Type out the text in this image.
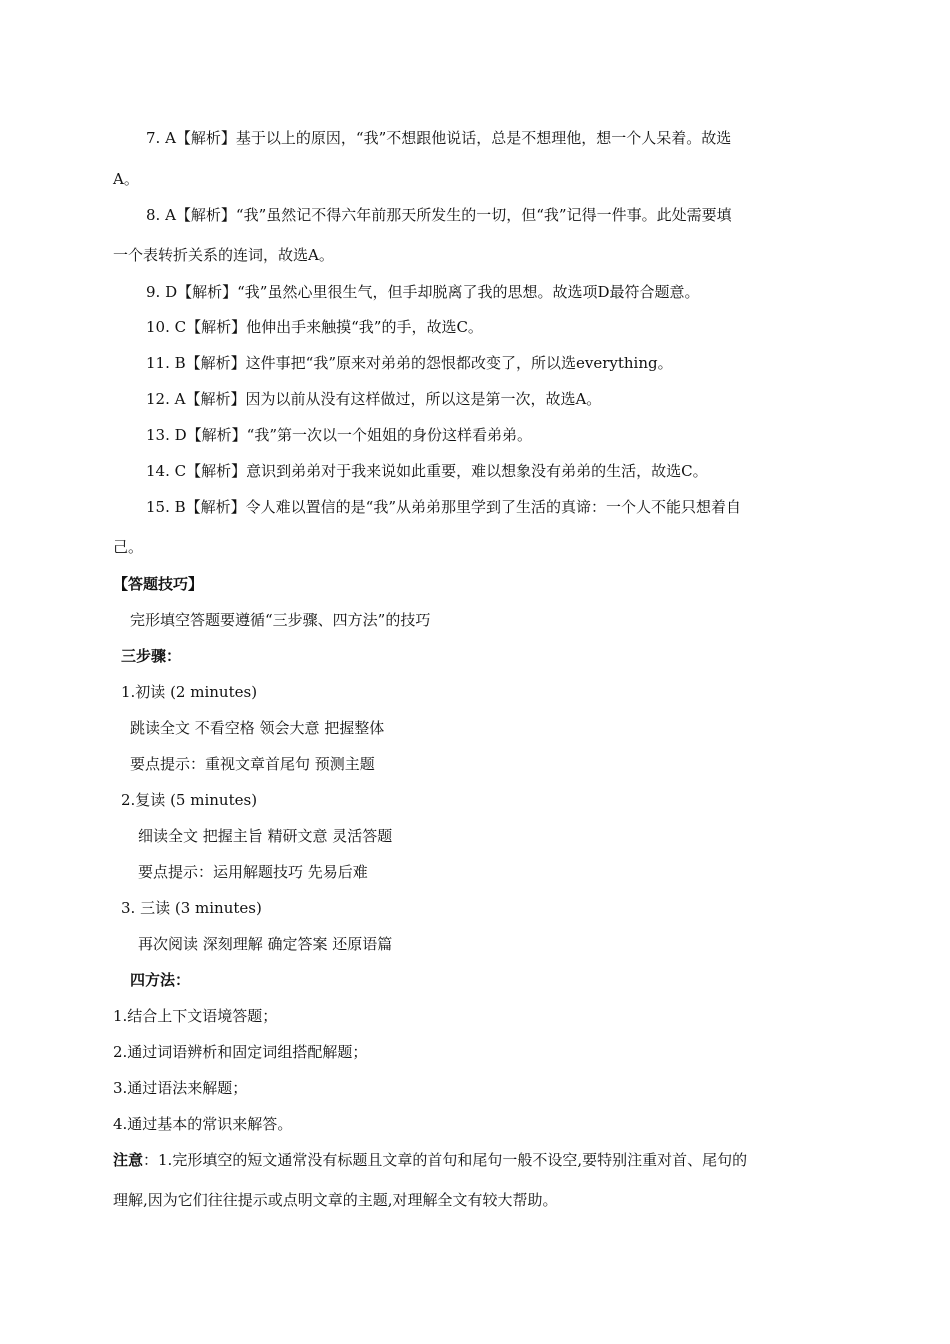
7. A【解析】基于以上的原因，“我”不想跟他说话，总是不想理他，想一个人呆着。故选
A。
8. A【解析】“我”虽然记不得六年前那天所发生的一切，但“我”记得一件事。此处需要填
一个表转折关系的连词，故选A。
9. D【解析】“我”虽然心里很生气，但手却脱离了我的思想。故选项D最符合题意。
10. C【解析】他伸出手来触摸“我”的手，故选C。
11. B【解析】这件事把“我”原来对弟弟的怨恨都改变了，所以选everything。
12. A【解析】因为以前从没有这样做过，所以这是第一次，故选A。
13. D【解析】“我”第一次以一个姐姐的身份这样看弟弟。
14. C【解析】意识到弟弟对于我来说如此重要，难以想象没有弟弟的生活，故选C。
15. B【解析】令人难以置信的是“我”从弟弟那里学到了生活的真谛：一个人不能只想着自
己。
【答题技巧】
完形填空答题要遵循“三步骤、四方法”的技巧
三步骤：
1.初读 (2 minutes)
跳读全文 不看空格 领会大意 把握整体
要点提示：重视文章首尾句 预测主题
2.复读 (5 minutes)
细读全文 把握主旨 精研文意 灵活答题
要点提示：运用解题技巧 先易后难
3. 三读 (3 minutes)
再次阅读 深刻理解 确定答案 还原语篇
四方法：
1.结合上下文语境答题；
2.通过词语辨析和固定词组搭配解题；
3.通过语法来解题；
4.通过基本的常识来解答。
注意：1.完形填空的短文通常没有标题且文章的首句和尾句一般不设空,要特别注重对首、尾句的
理解,因为它们往往提示或点明文章的主题,对理解全文有较大帮助。
